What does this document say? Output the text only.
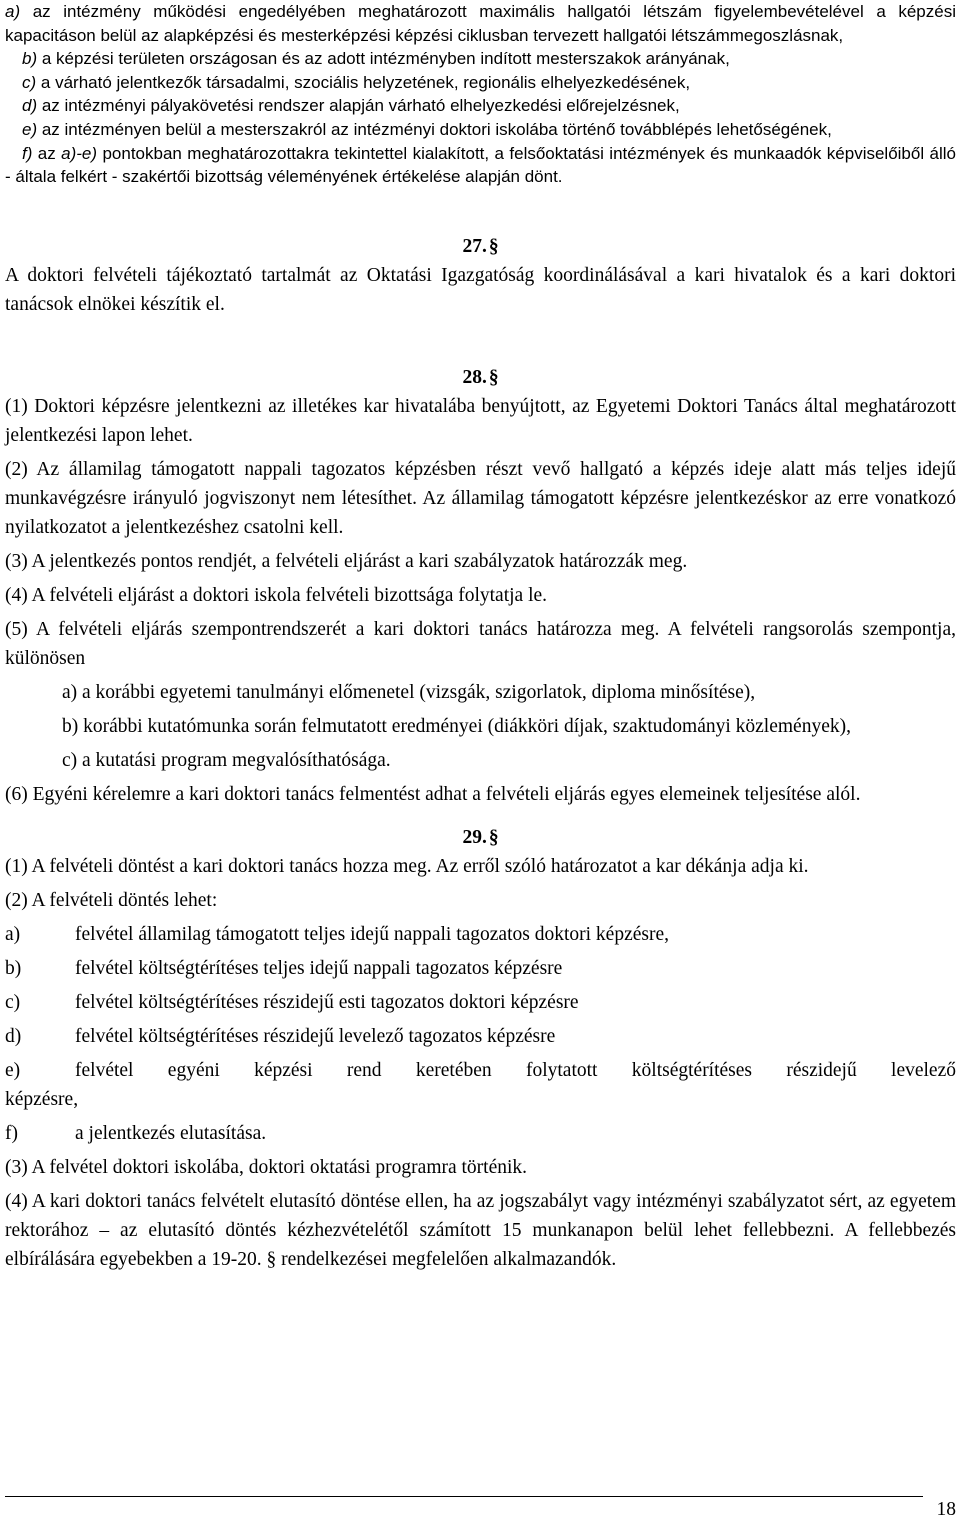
a) az intézmény működési engedélyében meghatározott maximális hallgatói létszám figyelembevételével a képzési kapacitáson belül az alapképzési és mesterképzési képzési ciklusban tervezett hallgatói létszámmegoszlásnak,

b) a képzési területen országosan és az adott intézményben indított mesterszakok arányának,

c) a várható jelentkezők társadalmi, szociális helyzetének, regionális elhelyezkedésének,

d) az intézményi pályakövetési rendszer alapján várható elhelyezkedési előrejelzésnek,

e) az intézményen belül a mesterszakról az intézményi doktori iskolába történő továbblépés lehetőségének,

f) az a)-e) pontokban meghatározottakra tekintettel kialakított, a felsőoktatási intézmények és munkaadók képviselőiből álló - általa felkért - szakértői bizottság véleményének értékelése alapján dönt.

27. §

A doktori felvételi tájékoztató tartalmát az Oktatási Igazgatóság koordinálásával a kari hivatalok és a kari doktori tanácsok elnökei készítik el.

28. §

(1) Doktori képzésre jelentkezni az illetékes kar hivatalába benyújtott, az Egyetemi Doktori Tanács által meghatározott jelentkezési lapon lehet.

(2) Az államilag támogatott nappali tagozatos képzésben részt vevő hallgató a képzés ideje alatt más teljes idejű munkavégzésre irányuló jogviszonyt nem létesíthet. Az államilag támogatott képzésre jelentkezéskor az erre vonatkozó nyilatkozatot a jelentkezéshez csatolni kell.

(3) A jelentkezés pontos rendjét, a felvételi eljárást a kari szabályzatok határozzák meg.

(4) A felvételi eljárást a doktori iskola felvételi bizottsága folytatja le.

(5) A felvételi eljárás szempontrendszerét a kari doktori tanács határozza meg. A felvételi rangsorolás szempontja, különösen

a) a korábbi egyetemi tanulmányi előmenetel (vizsgák, szigorlatok, diploma minősítése),

b) korábbi kutatómunka során felmutatott eredményei (diákköri díjak, szaktudományi közlemények),

c) a kutatási program megvalósíthatósága.

(6) Egyéni kérelemre a kari doktori tanács felmentést adhat a felvételi eljárás egyes elemeinek teljesítése alól.

29. §

(1) A felvételi döntést a kari doktori tanács hozza meg. Az erről szóló határozatot a kar dékánja adja ki.

(2) A felvételi döntés lehet:

a)	felvétel államilag támogatott teljes idejű nappali tagozatos doktori képzésre,
b)	felvétel költségtérítéses teljes idejű nappali tagozatos képzésre
c)	felvétel költségtérítéses részidejű esti tagozatos doktori képzésre
d)	felvétel költségtérítéses részidejű levelező tagozatos képzésre
e)	felvétel egyéni képzési rend keretében folytatott költségtérítéses részidejű levelező
képzésre,
f)	a jelentkezés elutasítása.

(3) A felvétel doktori iskolába, doktori oktatási programra történik.

(4) A kari doktori tanács felvételt elutasító döntése ellen, ha az jogszabályt vagy intézményi szabályzatot sért, az egyetem rektorához – az elutasító döntés kézhezvételétől számított 15 munkanapon belül lehet fellebbezni. A fellebbezés elbírálására egyebekben a 19-20. § rendelkezései megfelelően alkalmazandók.

18
